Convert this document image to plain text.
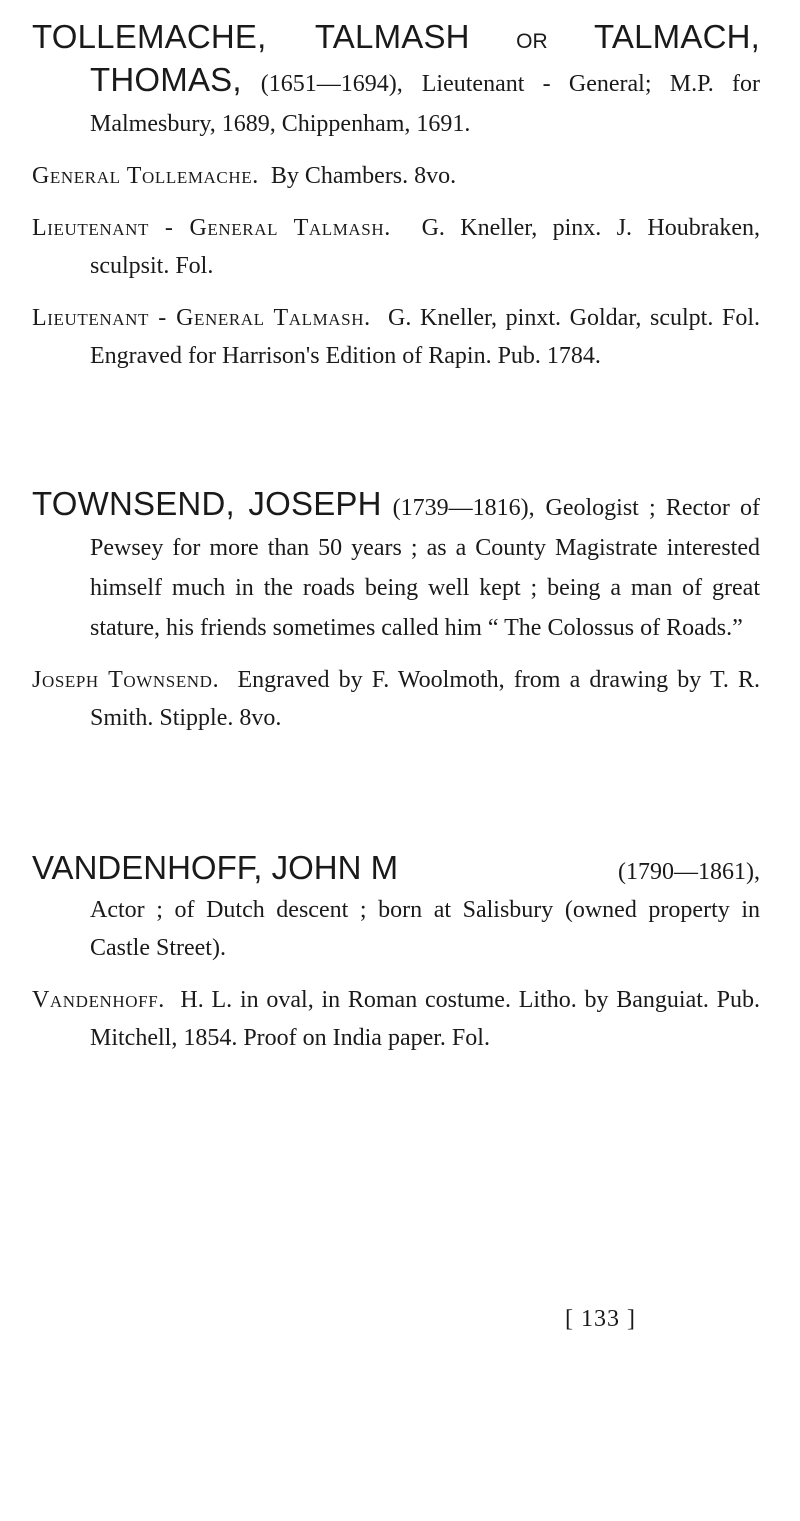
TOLLEMACHE, TALMASH OR TALMACH, THOMAS, (1651—1694), Lieutenant - General; M.P. for Malmesbury, 1689, Chippenham, 1691.

General Tollemache. By Chambers. 8vo.

Lieutenant - General Talmash. G. Kneller, pinx. J. Houbraken, sculpsit. Fol.

Lieutenant - General Talmash. G. Kneller, pinxt. Goldar, sculpt. Fol. Engraved for Harrison's Edition of Rapin. Pub. 1784.

TOWNSEND, JOSEPH (1739—1816), Geologist ; Rector of Pewsey for more than 50 years ; as a County Magistrate interested himself much in the roads being well kept ; being a man of great stature, his friends sometimes called him “ The Colossus of Roads.”

Joseph Townsend. Engraved by F. Woolmoth, from a drawing by T. R. Smith. Stipple. 8vo.

VANDENHOFF, JOHN M	(1790—1861),

Actor ; of Dutch descent ; born at Salisbury (owned property in Castle Street).

Vandenhoff. H. L. in oval, in Roman costume. Litho. by Banguiat. Pub. Mitchell, 1854. Proof on India paper. Fol.

[ 133 ]
